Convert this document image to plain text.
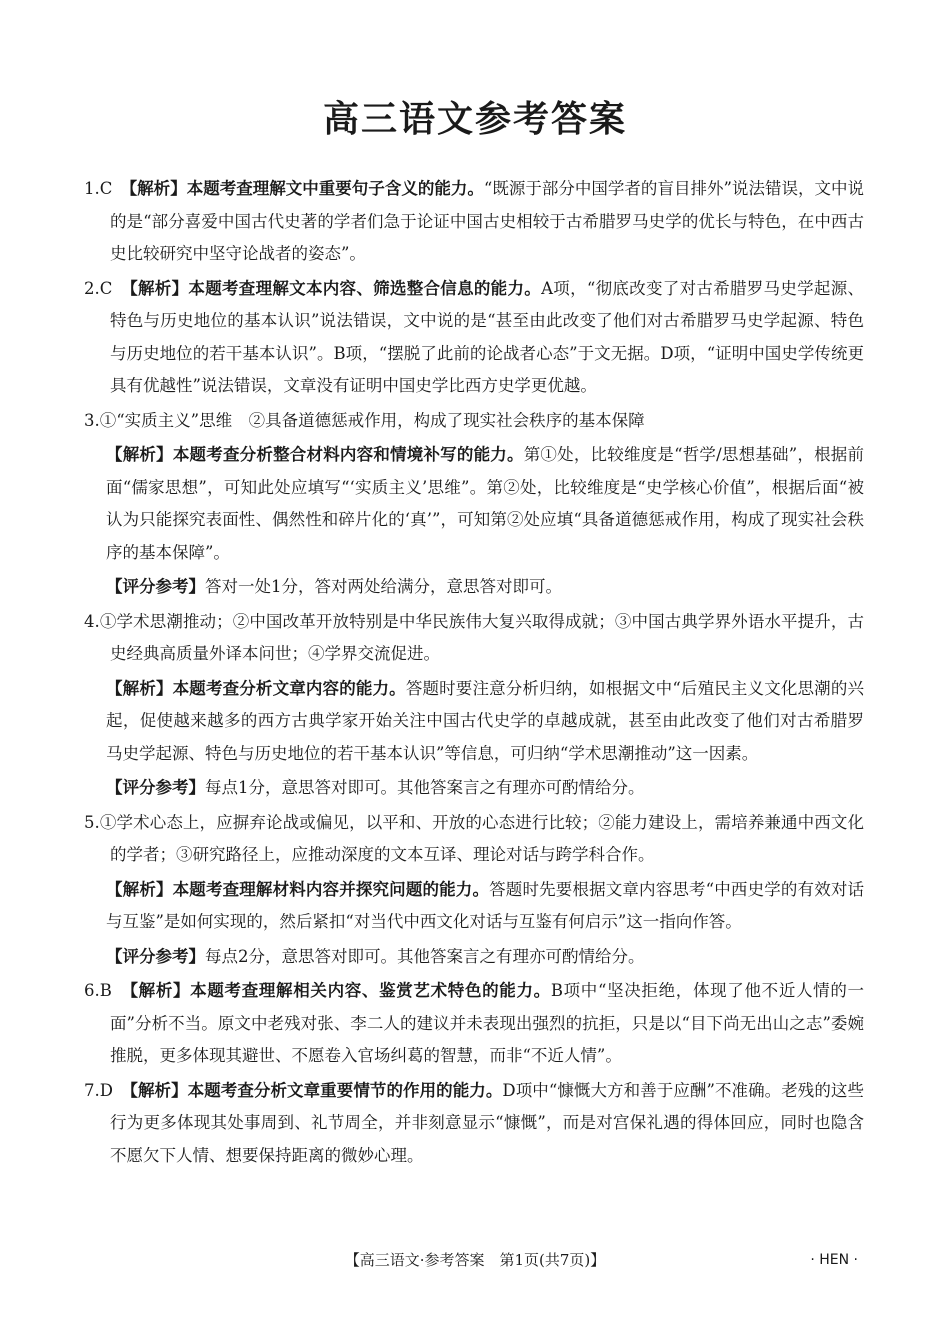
高三语文参考答案

1.C　 【解析】本题考查理解文中重要句子含义的能力。“既源于部分中国学者的盲目排外”说法错误，文中说的是“部分喜爱中国古代史著的学者们急于论证中国古史相较于古希腊罗马史学的优长与特色，在中西古史比较研究中坚守论战者的姿态”。

2.C　 【解析】本题考查理解文本内容、筛选整合信息的能力。A项，“彻底改变了对古希腊罗马史学起源、特色与历史地位的基本认识”说法错误，文中说的是“甚至由此改变了他们对古希腊罗马史学起源、特色与历史地位的若干基本认识”。B项，“摆脱了此前的论战者心态”于文无据。D项，“证明中国史学传统更具有优越性”说法错误，文章没有证明中国史学比西方史学更优越。

3.①“实质主义”思维　②具备道德惩戒作用，构成了现实社会秩序的基本保障

【解析】本题考查分析整合材料内容和情境补写的能力。第①处，比较维度是“哲学/思想基础”，根据前面“儒家思想”，可知此处应填写“‘实质主义’思维”。第②处，比较维度是“史学核心价值”，根据后面“被认为只能探究表面性、偶然性和碎片化的‘真’”，可知第②处应填“具备道德惩戒作用，构成了现实社会秩序的基本保障”。

【评分参考】答对一处1分，答对两处给满分，意思答对即可。

4.①学术思潮推动；②中国改革开放特别是中华民族伟大复兴取得成就；③中国古典学界外语水平提升，古史经典高质量外译本问世；④学界交流促进。

【解析】本题考查分析文章内容的能力。答题时要注意分析归纳，如根据文中“后殖民主义文化思潮的兴起，促使越来越多的西方古典学家开始关注中国古代史学的卓越成就，甚至由此改变了他们对古希腊罗马史学起源、特色与历史地位的若干基本认识”等信息，可归纳“学术思潮推动”这一因素。

【评分参考】每点1分，意思答对即可。其他答案言之有理亦可酌情给分。

5.①学术心态上，应摒弃论战或偏见，以平和、开放的心态进行比较；②能力建设上，需培养兼通中西文化的学者；③研究路径上，应推动深度的文本互译、理论对话与跨学科合作。

【解析】本题考查理解材料内容并探究问题的能力。答题时先要根据文章内容思考“中西史学的有效对话与互鉴”是如何实现的，然后紧扣“对当代中西文化对话与互鉴有何启示”这一指向作答。

【评分参考】每点2分，意思答对即可。其他答案言之有理亦可酌情给分。

6.B　 【解析】本题考查理解相关内容、鉴赏艺术特色的能力。B项中“坚决拒绝，体现了他不近人情的一面”分析不当。原文中老残对张、李二人的建议并未表现出强烈的抗拒，只是以“目下尚无出山之志”委婉推脱，更多体现其避世、不愿卷入官场纠葛的智慧，而非“不近人情”。

7.D　 【解析】本题考查分析文章重要情节的作用的能力。D项中“慷慨大方和善于应酬”不准确。老残的这些行为更多体现其处事周到、礼节周全，并非刻意显示“慷慨”，而是对宫保礼遇的得体回应，同时也隐含不愿欠下人情、想要保持距离的微妙心理。

【高三语文·参考答案　第1页(共7页)】	· HEN ·
